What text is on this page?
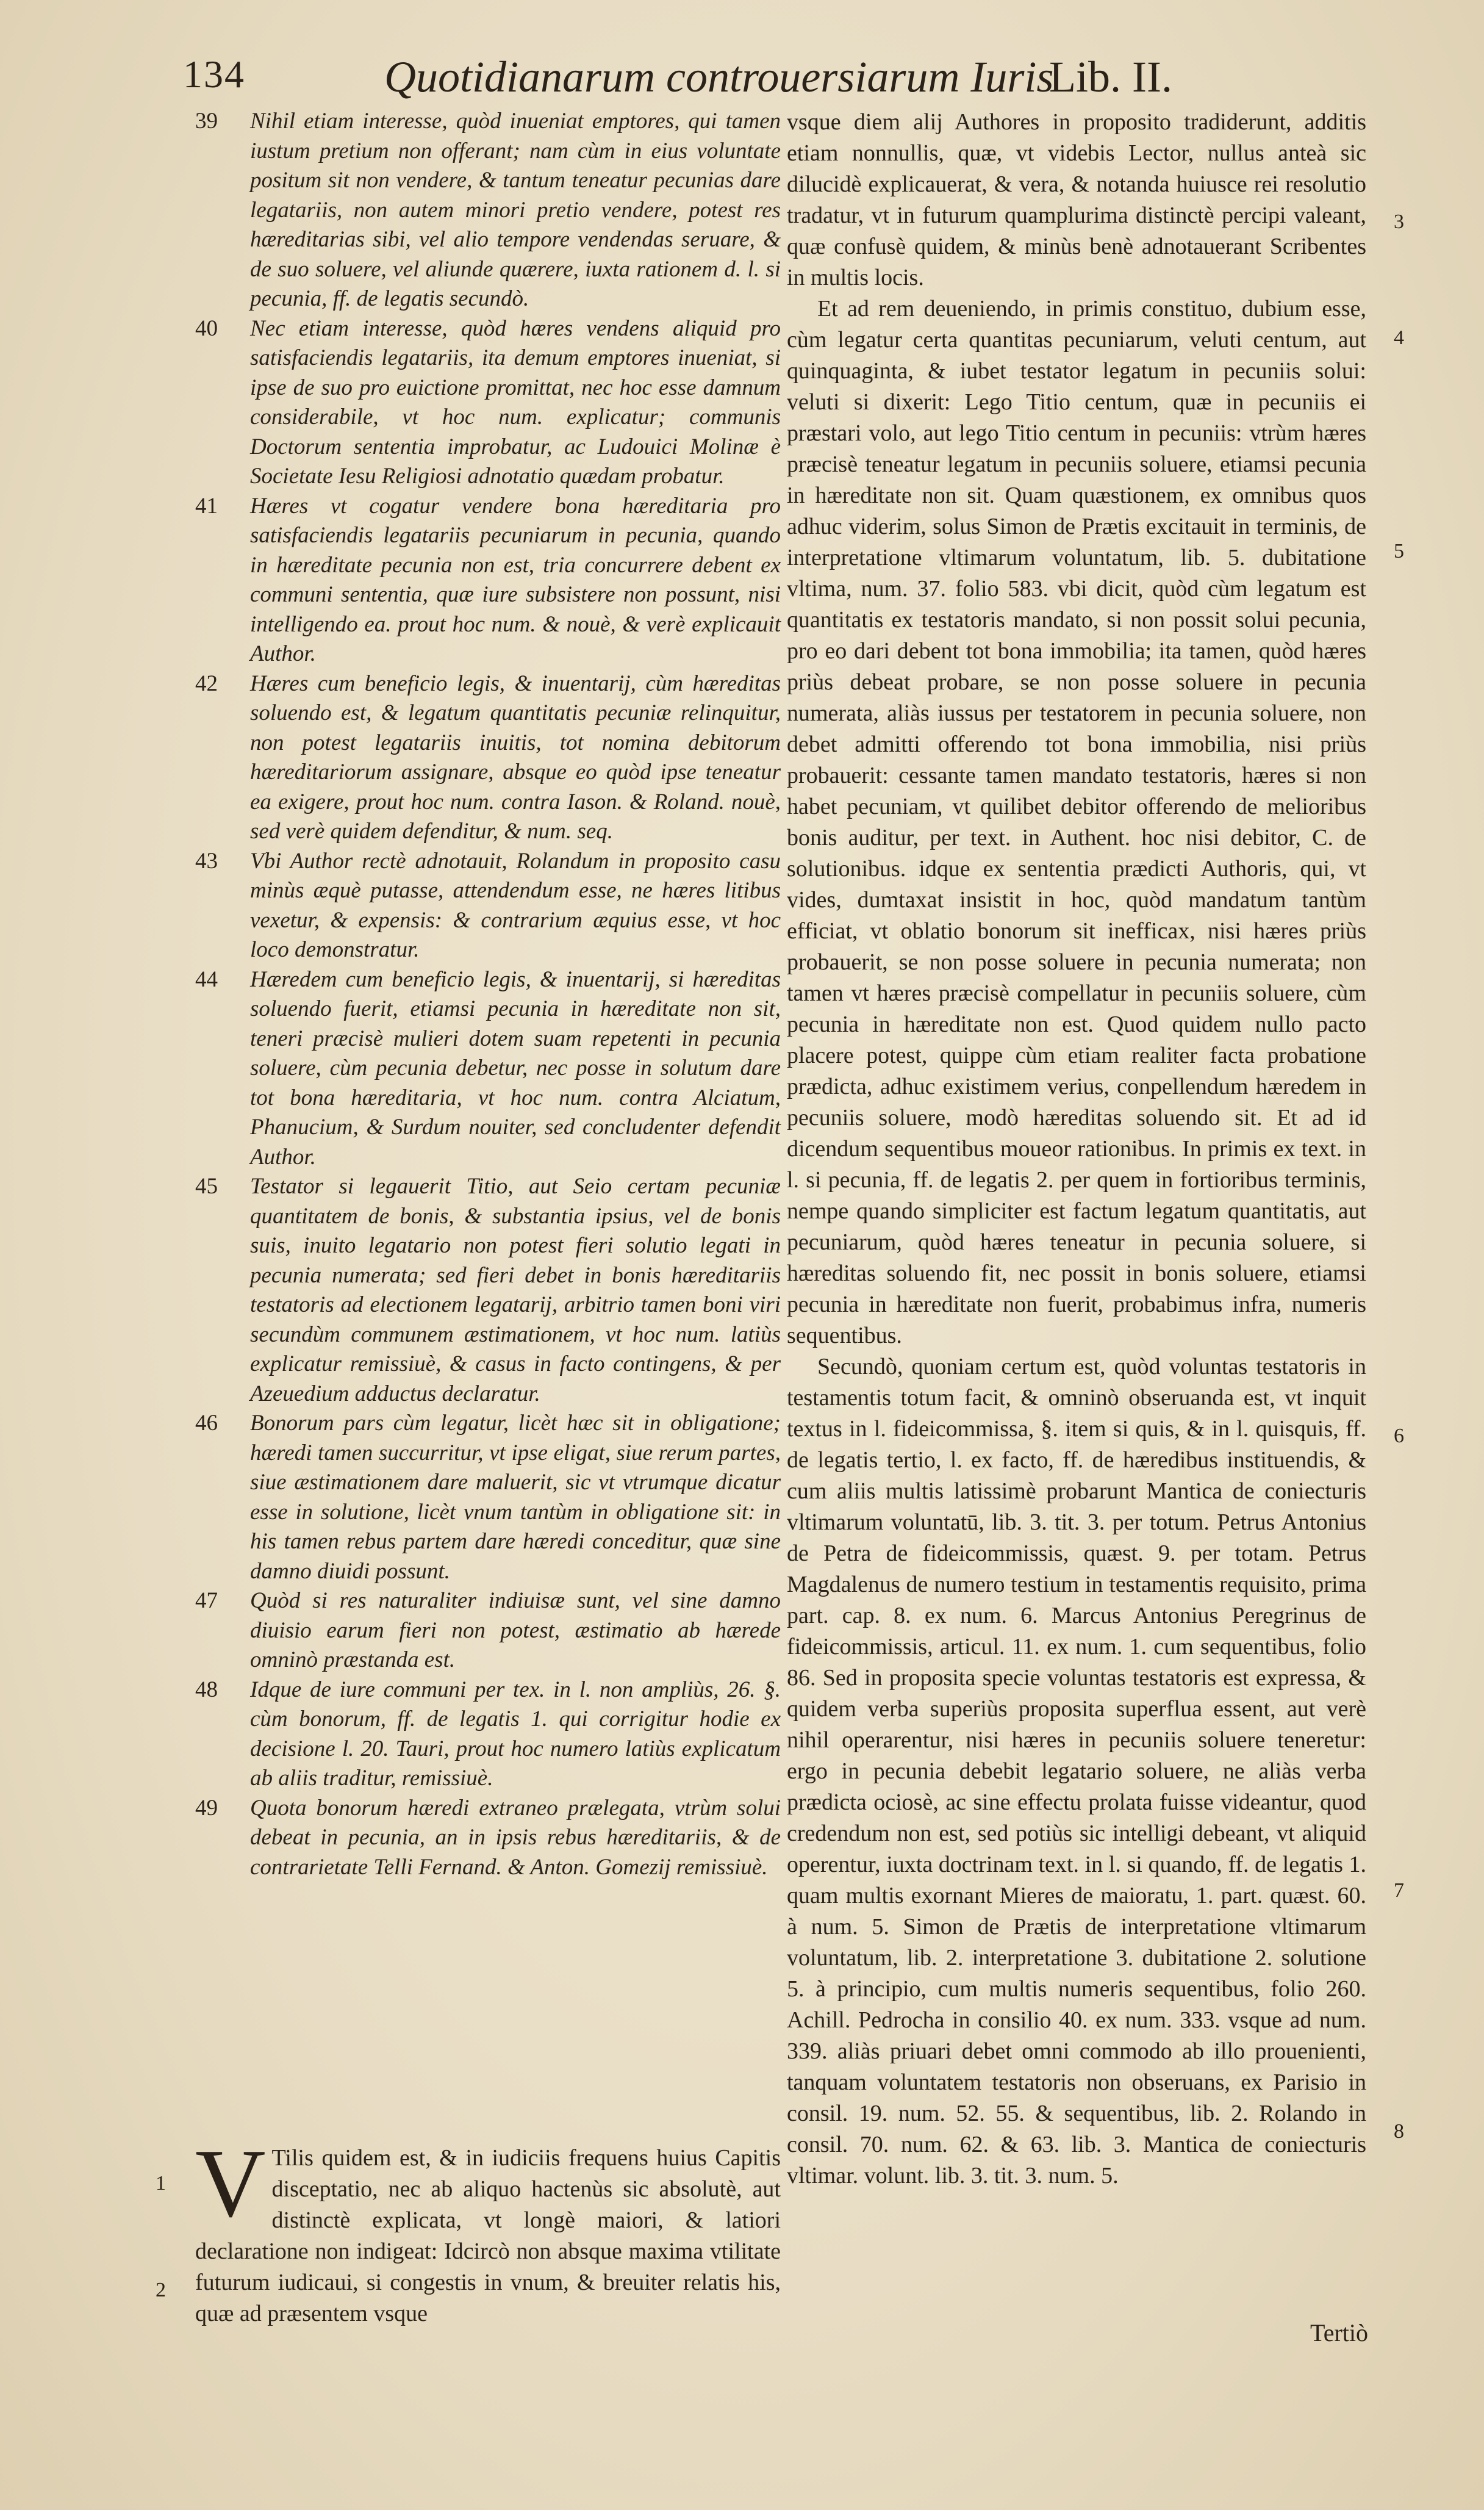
134	Quotidianarum controuersiarum Iuris
Lib. II.
39 Nihil etiam interesse, quòd inueniat emptores, qui tamen iustum pretium non offerant; nam cùm in eius voluntate positum sit non vendere, & tantum teneatur pecunias dare legatariis, non autem minori pretio vendere, potest res hæreditarias sibi, vel alio tempore vendendas seruare, & de suo soluere, vel aliunde quærere, iuxta rationem d. l. si pecunia, ff. de legatis secundò.

40 Nec etiam interesse, quòd hæres vendens aliquid pro satisfaciendis legatariis, ita demum emptores inueniat, si ipse de suo pro euictione promittat, nec hoc esse damnum considerabile, vt hoc num. explicatur; communis Doctorum sententia improbatur, ac Ludouici Molinæ è Societate Iesu Religiosi adnotatio quædam probatur.

41 Hæres vt cogatur vendere bona hæreditaria pro satisfaciendis legatariis pecuniarum in pecunia, quando in hæreditate pecunia non est, tria concurrere debent ex communi sententia, quæ iure subsistere non possunt, nisi intelligendo ea. prout hoc num. & nouè, & verè explicauit Author.

42 Hæres cum beneficio legis, & inuentarij, cùm hæreditas soluendo est, & legatum quantitatis pecuniæ relinquitur, non potest legatariis inuitis, tot nomina debitorum hæreditariorum assignare, absque eo quòd ipse teneatur ea exigere, prout hoc num. contra Iason. & Roland. nouè, sed verè quidem defenditur, & num. seq.

43 Vbi Author rectè adnotauit, Rolandum in proposito casu minùs æquè putasse, attendendum esse, ne hæres litibus vexetur, & expensis: & contrarium æquius esse, vt hoc loco demonstratur.

44 Hæredem cum beneficio legis, & inuentarij, si hæreditas soluendo fuerit, etiamsi pecunia in hæreditate non sit, teneri præcisè mulieri dotem suam repetenti in pecunia soluere, cùm pecunia debetur, nec posse in solutum dare tot bona hæreditaria, vt hoc num. contra Alciatum, Phanucium, & Surdum nouiter, sed concludenter defendit Author.

45 Testator si legauerit Titio, aut Seio certam pecuniæ quantitatem de bonis, & substantia ipsius, vel de bonis suis, inuito legatario non potest fieri solutio legati in pecunia numerata; sed fieri debet in bonis hæreditariis testatoris ad electionem legatarij, arbitrio tamen boni viri secundùm communem æstimationem, vt hoc num. latiùs explicatur remissiuè, & casus in facto contingens, & per Azeuedium adductus declaratur.

46 Bonorum pars cùm legatur, licèt hæc sit in obligatione; hæredi tamen succurritur, vt ipse eligat, siue rerum partes, siue æstimationem dare maluerit, sic vt vtrumque dicatur esse in solutione, licèt vnum tantùm in obligatione sit: in his tamen rebus partem dare hæredi conceditur, quæ sine damno diuidi possunt.

47 Quòd si res naturaliter indiuisæ sunt, vel sine damno diuisio earum fieri non potest, æstimatio ab hærede omninò præstanda est.

48 Idque de iure communi per tex. in l. non ampliùs, 26. §. cùm bonorum, ff. de legatis 1. qui corrigitur hodie ex decisione l. 20. Tauri, prout hoc numero latiùs explicatum ab aliis traditur, remissiuè.

49 Quota bonorum hæredi extraneo prælegata, vtrùm solui debeat in pecunia, an in ipsis rebus hæreditariis, & de contrarietate Telli Fernand. & Anton. Gomezij remissiuè.

1
2

V Tilis quidem est, & in iudiciis frequens huius Capitis disceptatio, nec ab aliquo hactenùs sic absolutè, aut distinctè explicata, vt longè maiori, & latiori declaratione non indigeat: Idcircò non absque maxima vtilitate futurum iudicaui, si congestis in vnum, & breuiter relatis his, quæ ad præsentem vsque

vsque diem alij Authores in proposito tradiderunt, additis etiam nonnullis, quæ, vt videbis Lector, nullus anteà sic dilucidè explicauerat, & vera, & notanda huiusce rei resolutio tradatur, vt in futurum quamplurima distinctè percipi valeant, quæ confusè quidem, & minùs benè adnotauerant Scribentes in multis locis.

Et ad rem deueniendo, in primis constituo, dubium esse, cùm legatur certa quantitas pecuniarum, veluti centum, aut quinquaginta, & iubet testator legatum in pecuniis solui: veluti si dixerit: Lego Titio centum, quæ in pecuniis ei præstari volo, aut lego Titio centum in pecuniis: vtrùm hæres præcisè teneatur legatum in pecuniis soluere, etiamsi pecunia in hæreditate non sit. Quam quæstionem, ex omnibus quos adhuc viderim, solus Simon de Prætis excitauit in terminis, de interpretatione vltimarum voluntatum, lib. 5. dubitatione vltima, num. 37. folio 583. vbi dicit, quòd cùm legatum est quantitatis ex testatoris mandato, si non possit solui pecunia, pro eo dari debent tot bona immobilia; ita tamen, quòd hæres priùs debeat probare, se non posse soluere in pecunia numerata, aliàs iussus per testatorem in pecunia soluere, non debet admitti offerendo tot bona immobilia, nisi priùs probauerit: cessante tamen mandato testatoris, hæres si non habet pecuniam, vt quilibet debitor offerendo de melioribus bonis auditur, per text. in Authent. hoc nisi debitor, C. de solutionibus. idque ex sententia prædicti Authoris, qui, vt vides, dumtaxat insistit in hoc, quòd mandatum tantùm efficiat, vt oblatio bonorum sit inefficax, nisi hæres priùs probauerit, se non posse soluere in pecunia numerata; non tamen vt hæres præcisè compellatur in pecuniis soluere, cùm pecunia in hæreditate non est. Quod quidem nullo pacto placere potest, quippe cùm etiam realiter facta probatione prædicta, adhuc existimem verius, conpellendum hæredem in pecuniis soluere, modò hæreditas soluendo sit. Et ad id dicendum sequentibus moueor rationibus. In primis ex text. in l. si pecunia, ff. de legatis 2. per quem in fortioribus terminis, nempe quando simpliciter est factum legatum quantitatis, aut pecuniarum, quòd hæres teneatur in pecunia soluere, si hæreditas soluendo fit, nec possit in bonis soluere, etiamsi pecunia in hæreditate non fuerit, probabimus infra, numeris sequentibus.

Secundò, quoniam certum est, quòd voluntas testatoris in testamentis totum facit, & omninò obseruanda est, vt inquit textus in l. fideicommissa, §. item si quis, & in l. quisquis, ff. de legatis tertio, l. ex facto, ff. de hæredibus instituendis, & cum aliis multis latissimè probarunt Mantica de coniecturis vltimarum voluntatū, lib. 3. tit. 3. per totum. Petrus Antonius de Petra de fideicommissis, quæst. 9. per totam. Petrus Magdalenus de numero testium in testamentis requisito, prima part. cap. 8. ex num. 6. Marcus Antonius Peregrinus de fideicommissis, articul. 11. ex num. 1. cum sequentibus, folio 86. Sed in proposita specie voluntas testatoris est expressa, & quidem verba superiùs proposita superflua essent, aut verè nihil operarentur, nisi hæres in pecuniis soluere teneretur: ergo in pecunia debebit legatario soluere, ne aliàs verba prædicta ociosè, ac sine effectu prolata fuisse videantur, quod credendum non est, sed potiùs sic intelligi debeant, vt aliquid operentur, iuxta doctrinam text. in l. si quando, ff. de legatis 1. quam multis exornant Mieres de maioratu, 1. part. quæst. 60. à num. 5. Simon de Prætis de interpretatione vltimarum voluntatum, lib. 2. interpretatione 3. dubitatione 2. solutione 5. à principio, cum multis numeris sequentibus, folio 260. Achill. Pedrocha in consilio 40. ex num. 333. vsque ad num. 339. aliàs priuari debet omni commodo ab illo prouenienti, tanquam voluntatem testatoris non obseruans, ex Parisio in consil. 19. num. 52. 55. & sequentibus, lib. 2. Rolando in consil. 70. num. 62. & 63. lib. 3. Mantica de coniecturis vltimar. volunt. lib. 3. tit. 3. num. 5.

3
4
5
6
7
8
Tertiò
